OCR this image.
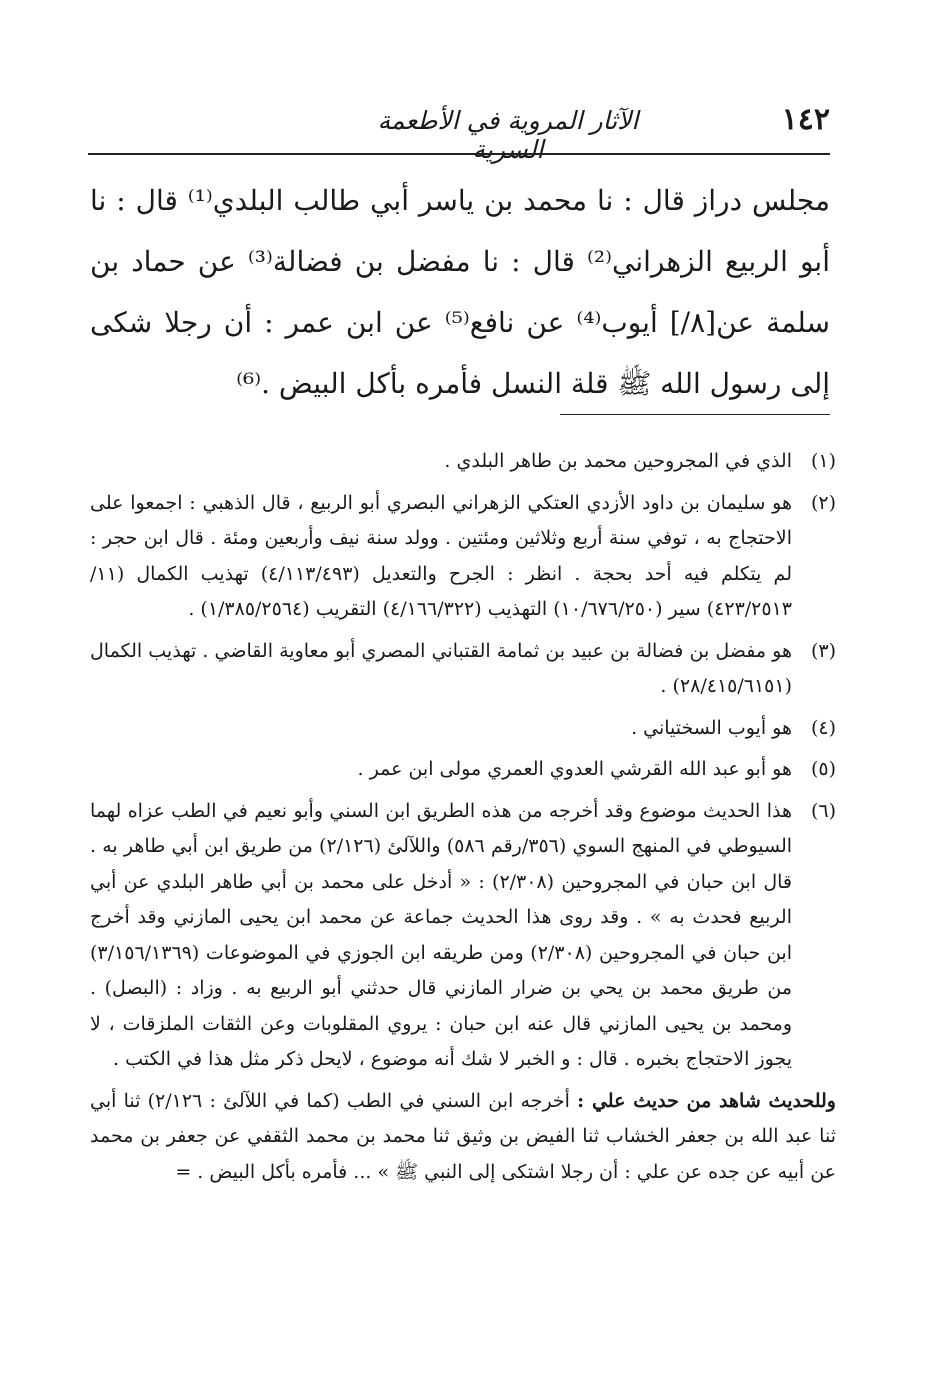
١٤٢
الآثار المروية في الأطعمة السرية

مجلس دراز قال : نا محمد بن ياسر أبي طالب البلدي⁽¹⁾ قال : نا أبو الربيع الزهراني⁽²⁾ قال : نا مفضل بن فضالة⁽³⁾ عن حماد بن سلمة عن[٨/] أيوب⁽⁴⁾ عن نافع⁽⁵⁾ عن ابن عمر : أن رجلا شكى إلى رسول الله ﷺ قلة النسل فأمره بأكل البيض .⁽⁶⁾

(١)
الذي في المجروحين محمد بن طاهر البلدي .
(٢)
هو سليمان بن داود الأزدي العتكي الزهراني البصري أبو الربيع ، قال الذهبي : اجمعوا على الاحتجاج به ، توفي سنة أربع وثلاثين ومئتين . وولد سنة نيف وأربعين ومئة . قال ابن حجر : لم يتكلم فيه أحد بحجة . انظر : الجرح والتعديل (٤/١١٣/٤٩٣) تهذيب الكمال (١١/ ٤٢٣/٢٥١٣) سير (١٠/٦٧٦/٢٥٠) التهذيب (٤/١٦٦/٣٢٢) التقريب (١/٣٨٥/٢٥٦٤) .
(٣)
هو مفضل بن فضالة بن عبيد بن ثمامة القتباني المصري أبو معاوية القاضي . تهذيب الكمال (٢٨/٤١٥/٦١٥١) .
(٤)
هو أيوب السختياني .
(٥)
هو أبو عبد الله القرشي العدوي العمري مولى ابن عمر .
(٦)
هذا الحديث موضوع وقد أخرجه من هذه الطريق ابن السني وأبو نعيم في الطب عزاه لهما السيوطي في المنهج السوي (٣٥٦/رقم ٥٨٦) واللآلئ (٢/١٢٦) من طريق ابن أبي طاهر به . قال ابن حبان في المجروحين (٢/٣٠٨) : « أدخل على محمد بن أبي طاهر البلدي عن أبي الربيع فحدث به » . وقد روى هذا الحديث جماعة عن محمد ابن يحيى المازني وقد أخرج ابن حبان في المجروحين (٢/٣٠٨) ومن طريقه ابن الجوزي في الموضوعات (٣/١٥٦/١٣٦٩) من طريق محمد بن يحي بن ضرار المازني قال حدثني أبو الربيع به . وزاد : (البصل) . ومحمد بن يحيى المازني قال عنه ابن حبان : يروي المقلوبات وعن الثقات الملزقات ، لا يجوز الاحتجاج بخبره . قال : و الخبر لا شك أنه موضوع ، لايحل ذكر مثل هذا في الكتب .
وللحديث شاهد من حديث علي : أخرجه ابن السني في الطب (كما في اللآلئ : ٢/١٢٦) ثنا أبي ثنا عبد الله بن جعفر الخشاب ثنا الفيض بن وثيق ثنا محمد بن محمد الثقفي عن جعفر بن محمد عن أبيه عن جده عن علي : أن رجلا اشتكى إلى النبي ﷺ » ... فأمره بأكل البيض . =
